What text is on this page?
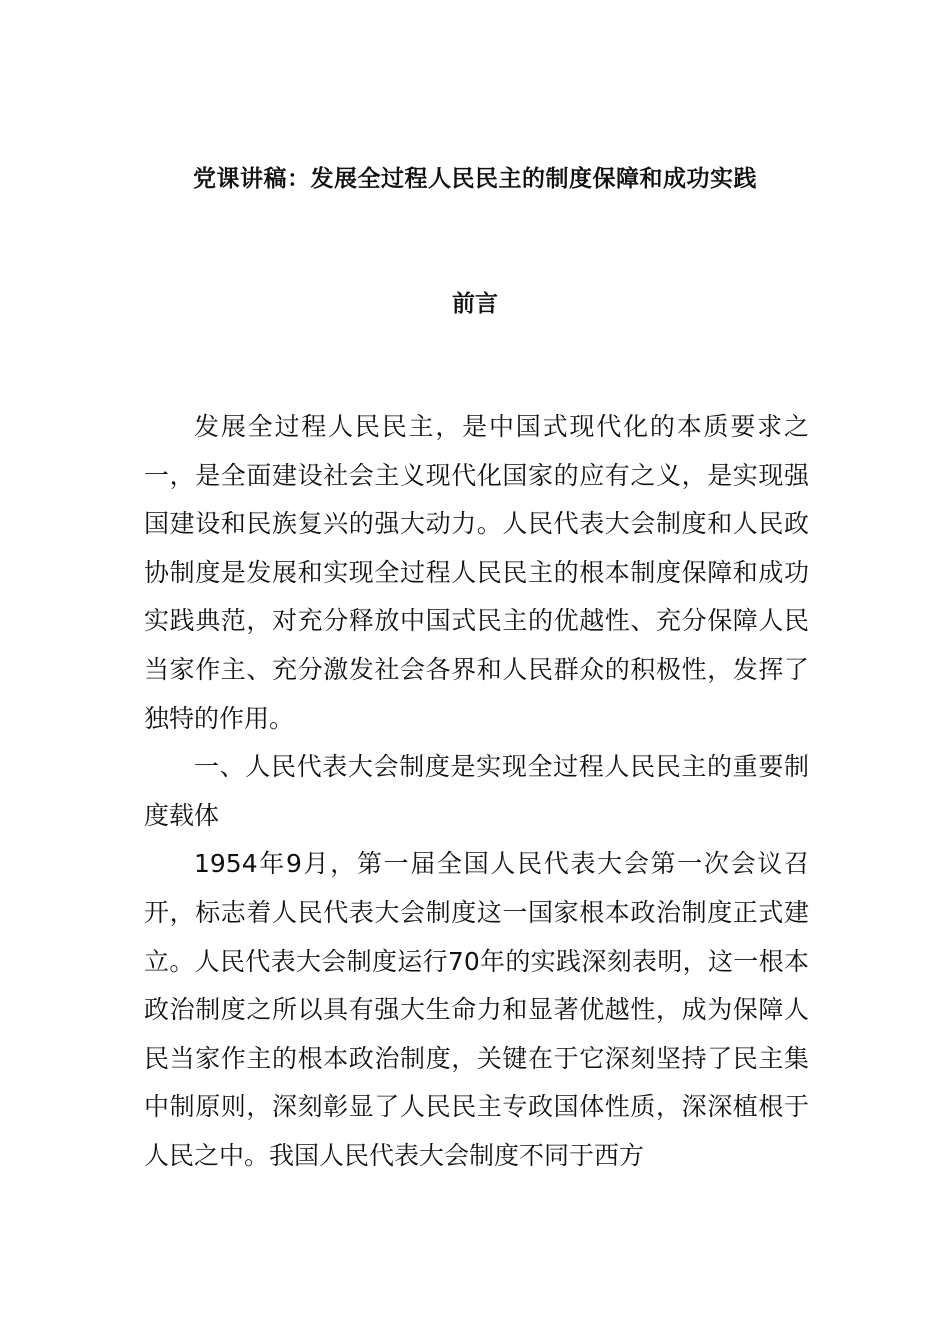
党课讲稿：发展全过程人民民主的制度保障和成功实践
前言

发展全过程人民民主，是中国式现代化的本质要求之一，是全面建设社会主义现代化国家的应有之义，是实现强国建设和民族复兴的强大动力。人民代表大会制度和人民政协制度是发展和实现全过程人民民主的根本制度保障和成功实践典范，对充分释放中国式民主的优越性、充分保障人民当家作主、充分激发社会各界和人民群众的积极性，发挥了独特的作用。

一、人民代表大会制度是实现全过程人民民主的重要制度载体

1954年9月，第一届全国人民代表大会第一次会议召开，标志着人民代表大会制度这一国家根本政治制度正式建立。人民代表大会制度运行70年的实践深刻表明，这一根本政治制度之所以具有强大生命力和显著优越性，成为保障人民当家作主的根本政治制度，关键在于它深刻坚持了民主集中制原则，深刻彰显了人民民主专政国体性质，深深植根于人民之中。我国人民代表大会制度不同于西方
